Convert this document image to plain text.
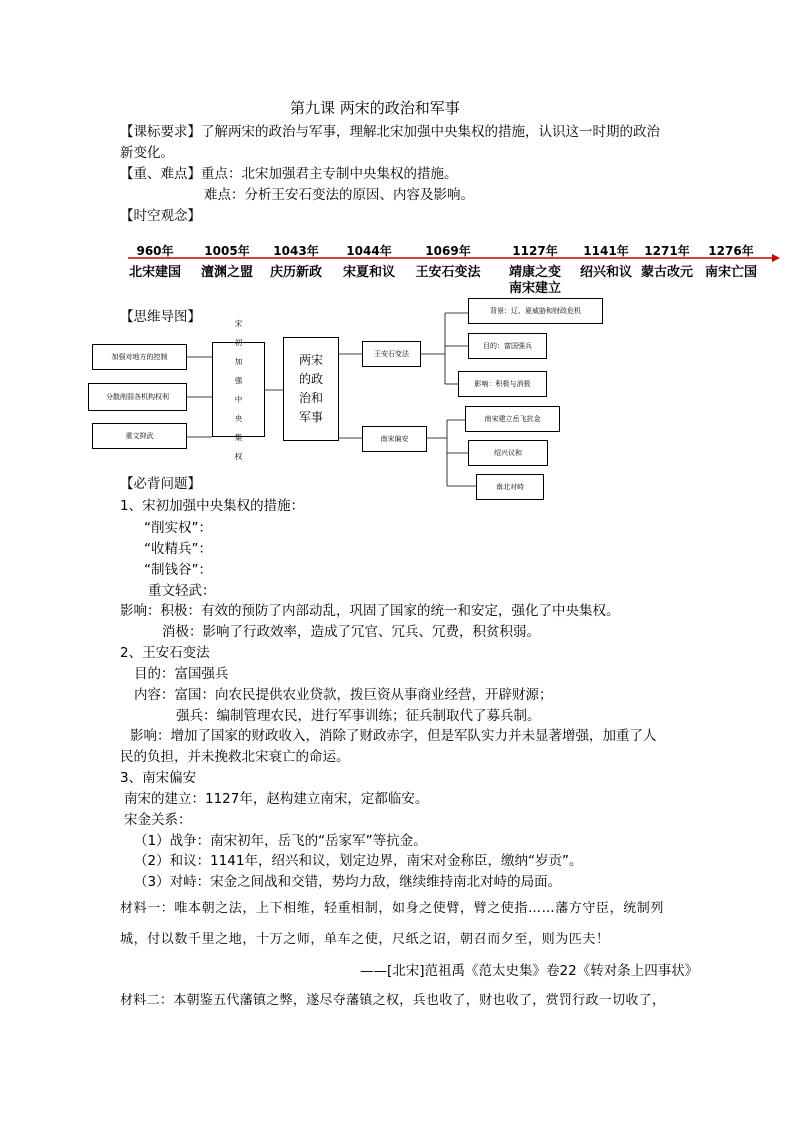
第九课 两宋的政治和军事
【课标要求】了解两宋的政治与军事，理解北宋加强中央集权的措施，认识这一时期的政治
新变化。
【重、难点】重点：北宋加强君主专制中央集权的措施。
难点：分析王安石变法的原因、内容及影响。
【时空观念】
960年
北宋建国
1005年
澶渊之盟
1043年
庆历新政
1044年
宋夏和议
1069年
王安石变法
1127年
靖康之变
南宋建立
1141年
绍兴和议
1271年
蒙古改元
1276年
南宋亡国
【思维导图】
加强对地方的控制
分散削弱各机构权利
重文抑武
宋初加强中央集权
两宋的政治和军事
王安石变法
南宋偏安
背景：辽、夏威胁和财政危机
目的：富国强兵
影响：积极与消极
南宋建立岳飞抗金
绍兴议和
南北对峙
【必背问题】
1、宋初加强中央集权的措施：
“削实权”：
“收精兵”：
“制钱谷”：
重文轻武：
影响：积极：有效的预防了内部动乱，巩固了国家的统一和安定，强化了中央集权。
消极：影响了行政效率，造成了冗官、冗兵、冗费，积贫积弱。
2、王安石变法
目的：富国强兵
内容：富国：向农民提供农业贷款，拨巨资从事商业经营，开辟财源；
强兵：编制管理农民，进行军事训练；征兵制取代了募兵制。
影响：增加了国家的财政收入，消除了财政赤字，但是军队实力并未显著增强，加重了人
民的负担，并未挽救北宋衰亡的命运。
3、南宋偏安
南宋的建立：1127年，赵构建立南宋，定都临安。
宋金关系：
（1）战争：南宋初年，岳飞的“岳家军”等抗金。
（2）和议：1141年，绍兴和议，划定边界，南宋对金称臣，缴纳“岁贡”。
（3）对峙：宋金之间战和交错，势均力敌，继续维持南北对峙的局面。
材料一：唯本朝之法，上下相维，轻重相制，如身之使臂，臂之使指……藩方守臣，统制列
城，付以数千里之地，十万之师，单车之使，尺纸之诏，朝召而夕至，则为匹夫！
——[北宋]范祖禹《范太史集》卷22《转对条上四事状》
材料二：本朝鉴五代藩镇之弊，遂尽夺藩镇之权，兵也收了，财也收了，赏罚行政一切收了，
